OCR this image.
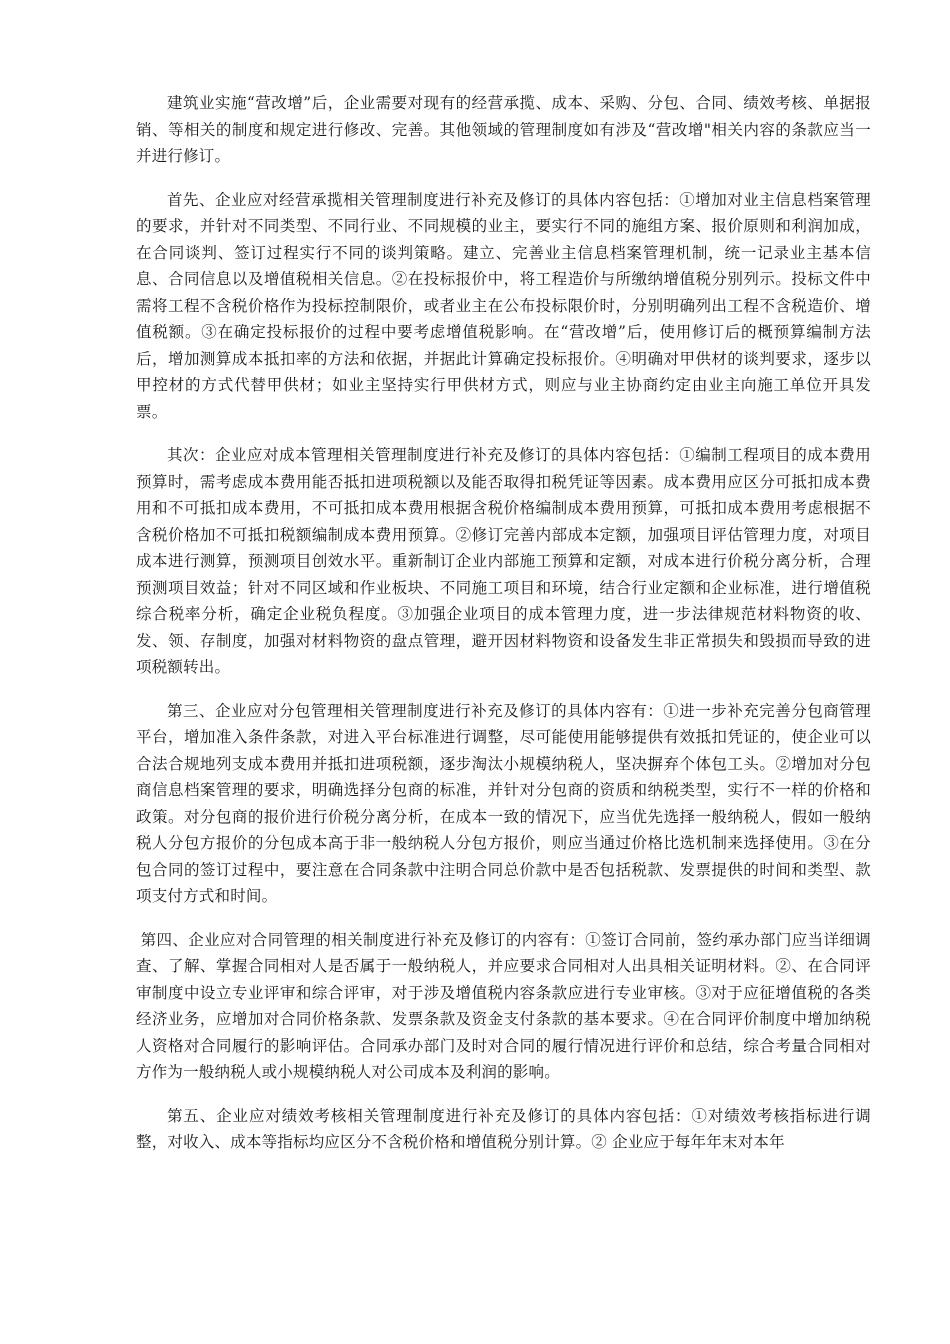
建筑业实施“营改增”后，企业需要对现有的经营承揽、成本、采购、分包、合同、绩效考核、单据报销、等相关的制度和规定进行修改、完善。其他领域的管理制度如有涉及“营改增"相关内容的条款应当一并进行修订。

首先、企业应对经营承揽相关管理制度进行补充及修订的具体内容包括：①增加对业主信息档案管理的要求，并针对不同类型、不同行业、不同规模的业主，要实行不同的施组方案、报价原则和利润加成，在合同谈判、签订过程实行不同的谈判策略。建立、完善业主信息档案管理机制，统一记录业主基本信息、合同信息以及增值税相关信息。②在投标报价中，将工程造价与所缴纳增值税分别列示。投标文件中需将工程不含税价格作为投标控制限价，或者业主在公布投标限价时，分别明确列出工程不含税造价、增值税额。③在确定投标报价的过程中要考虑增值税影响。在“营改增”后，使用修订后的概预算编制方法后，增加测算成本抵扣率的方法和依据，并据此计算确定投标报价。④明确对甲供材的谈判要求，逐步以甲控材的方式代替甲供材；如业主坚持实行甲供材方式，则应与业主协商约定由业主向施工单位开具发票。

其次：企业应对成本管理相关管理制度进行补充及修订的具体内容包括：①编制工程项目的成本费用预算时，需考虑成本费用能否抵扣进项税额以及能否取得扣税凭证等因素。成本费用应区分可抵扣成本费用和不可抵扣成本费用，不可抵扣成本费用根据含税价格编制成本费用预算，可抵扣成本费用考虑根据不含税价格加不可抵扣税额编制成本费用预算。②修订完善内部成本定额，加强项目评估管理力度，对项目成本进行测算，预测项目创效水平。重新制订企业内部施工预算和定额，对成本进行价税分离分析，合理预测项目效益；针对不同区域和作业板块、不同施工项目和环境，结合行业定额和企业标准，进行增值税综合税率分析，确定企业税负程度。③加强企业项目的成本管理力度，进一步法律规范材料物资的收、发、领、存制度，加强对材料物资的盘点管理，避开因材料物资和设备发生非正常损失和毁损而导致的进项税额转出。

第三、企业应对分包管理相关管理制度进行补充及修订的具体内容有：①进一步补充完善分包商管理平台，增加准入条件条款，对进入平台标准进行调整，尽可能使用能够提供有效抵扣凭证的，使企业可以合法合规地列支成本费用并抵扣进项税额，逐步淘汰小规模纳税人，坚决摒弃个体包工头。②增加对分包商信息档案管理的要求，明确选择分包商的标准，并针对分包商的资质和纳税类型，实行不一样的价格和政策。对分包商的报价进行价税分离分析，在成本一致的情况下，应当优先选择一般纳税人，假如一般纳税人分包方报价的分包成本高于非一般纳税人分包方报价，则应当通过价格比选机制来选择使用。③在分包合同的签订过程中，要注意在合同条款中注明合同总价款中是否包括税款、发票提供的时间和类型、款项支付方式和时间。

第四、企业应对合同管理的相关制度进行补充及修订的内容有：①签订合同前，签约承办部门应当详细调查、了解、掌握合同相对人是否属于一般纳税人，并应要求合同相对人出具相关证明材料。②、在合同评审制度中设立专业评审和综合评审，对于涉及增值税内容条款应进行专业审核。③对于应征增值税的各类经济业务，应增加对合同价格条款、发票条款及资金支付条款的基本要求。④在合同评价制度中增加纳税人资格对合同履行的影响评估。合同承办部门及时对合同的履行情况进行评价和总结，综合考量合同相对方作为一般纳税人或小规模纳税人对公司成本及利润的影响。

第五、企业应对绩效考核相关管理制度进行补充及修订的具体内容包括：①对绩效考核指标进行调整，对收入、成本等指标均应区分不含税价格和增值税分别计算。② 企业应于每年年末对本年
